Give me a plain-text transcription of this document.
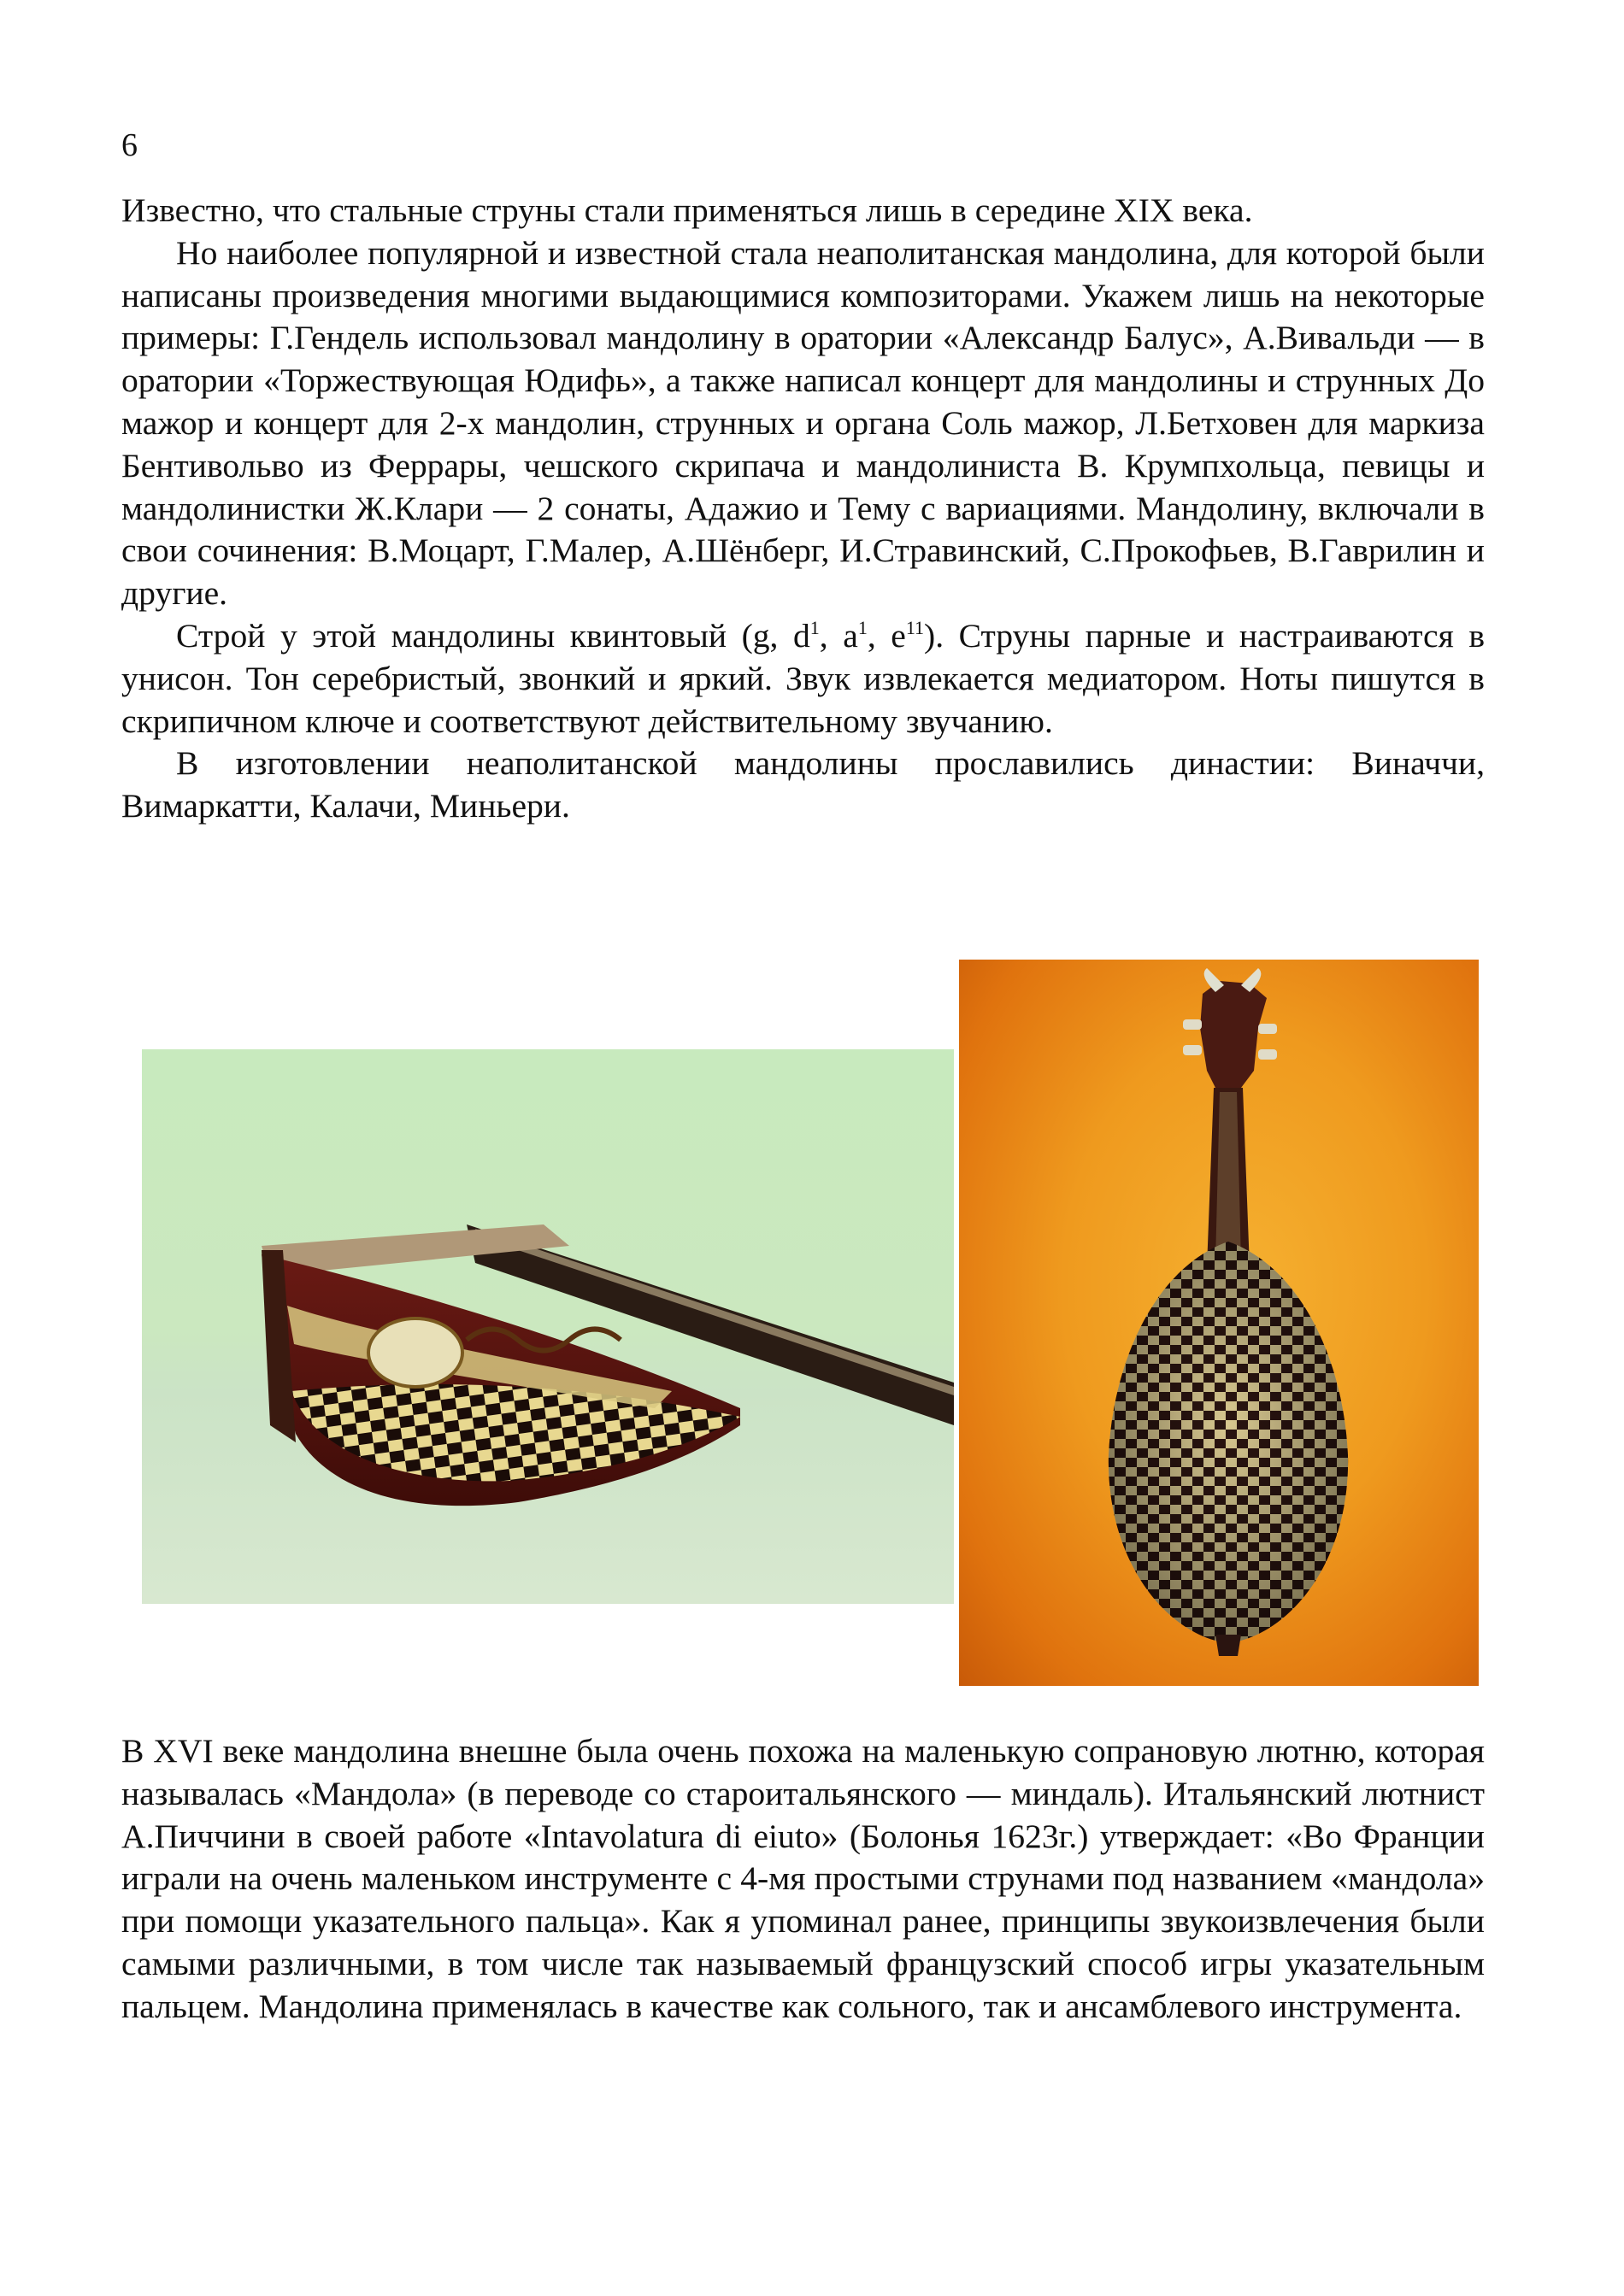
6

Известно, что стальные струны стали применяться лишь в середине XIX века.

Но наиболее популярной и известной стала неаполитанская мандолина, для которой были написаны произведения многими выдающимися композиторами. Укажем лишь на некоторые примеры: Г.Гендель использовал мандолину в оратории «Александр Балус», А.Вивальди — в оратории «Торжествующая Юдифь», а также написал концерт для мандолины и струнных До мажор и концерт для 2-х мандолин, струнных и органа Соль мажор, Л.Бетховен для маркиза Бентивольво из Феррары, чешского скрипача и мандолиниста В. Крумпхольца, певицы и мандолинистки Ж.Клари — 2 сонаты, Адажио и Тему с вариациями. Мандолину, включали в свои сочинения: В.Моцарт, Г.Малер, А.Шёнберг, И.Стравинский, С.Прокофьев, В.Гаврилин и другие.

Строй у этой мандолины квинтовый (g, $d^1$, $a^1$, $e^{11}$). Струны парные и настраиваются в унисон. Тон серебристый, звонкий и яркий. Звук извлекается медиатором. Ноты пишутся в скрипичном ключе и соответствуют действительному звучанию.

В изготовлении неаполитанской мандолины прославились династии: Виначчи, Вимаркатти, Калачи, Миньери.

В XVI веке мандолина внешне была очень похожа на маленькую сопрановую лютню, которая называлась «Мандола» (в переводе со староитальянского — миндаль). Итальянский лютнист А.Пиччини в своей работе «Intavolatura di eiuto» (Болонья 1623г.) утверждает: «Во Франции играли на очень маленьком инструменте с 4-мя простыми струнами под названием «мандола» при помощи указательного пальца». Как я упоминал ранее, принципы звукоизвлечения были самыми различными, в том числе так называемый французский способ игры указательным пальцем. Мандолина применялась в качестве как сольного, так и ансамблевого инструмента.
